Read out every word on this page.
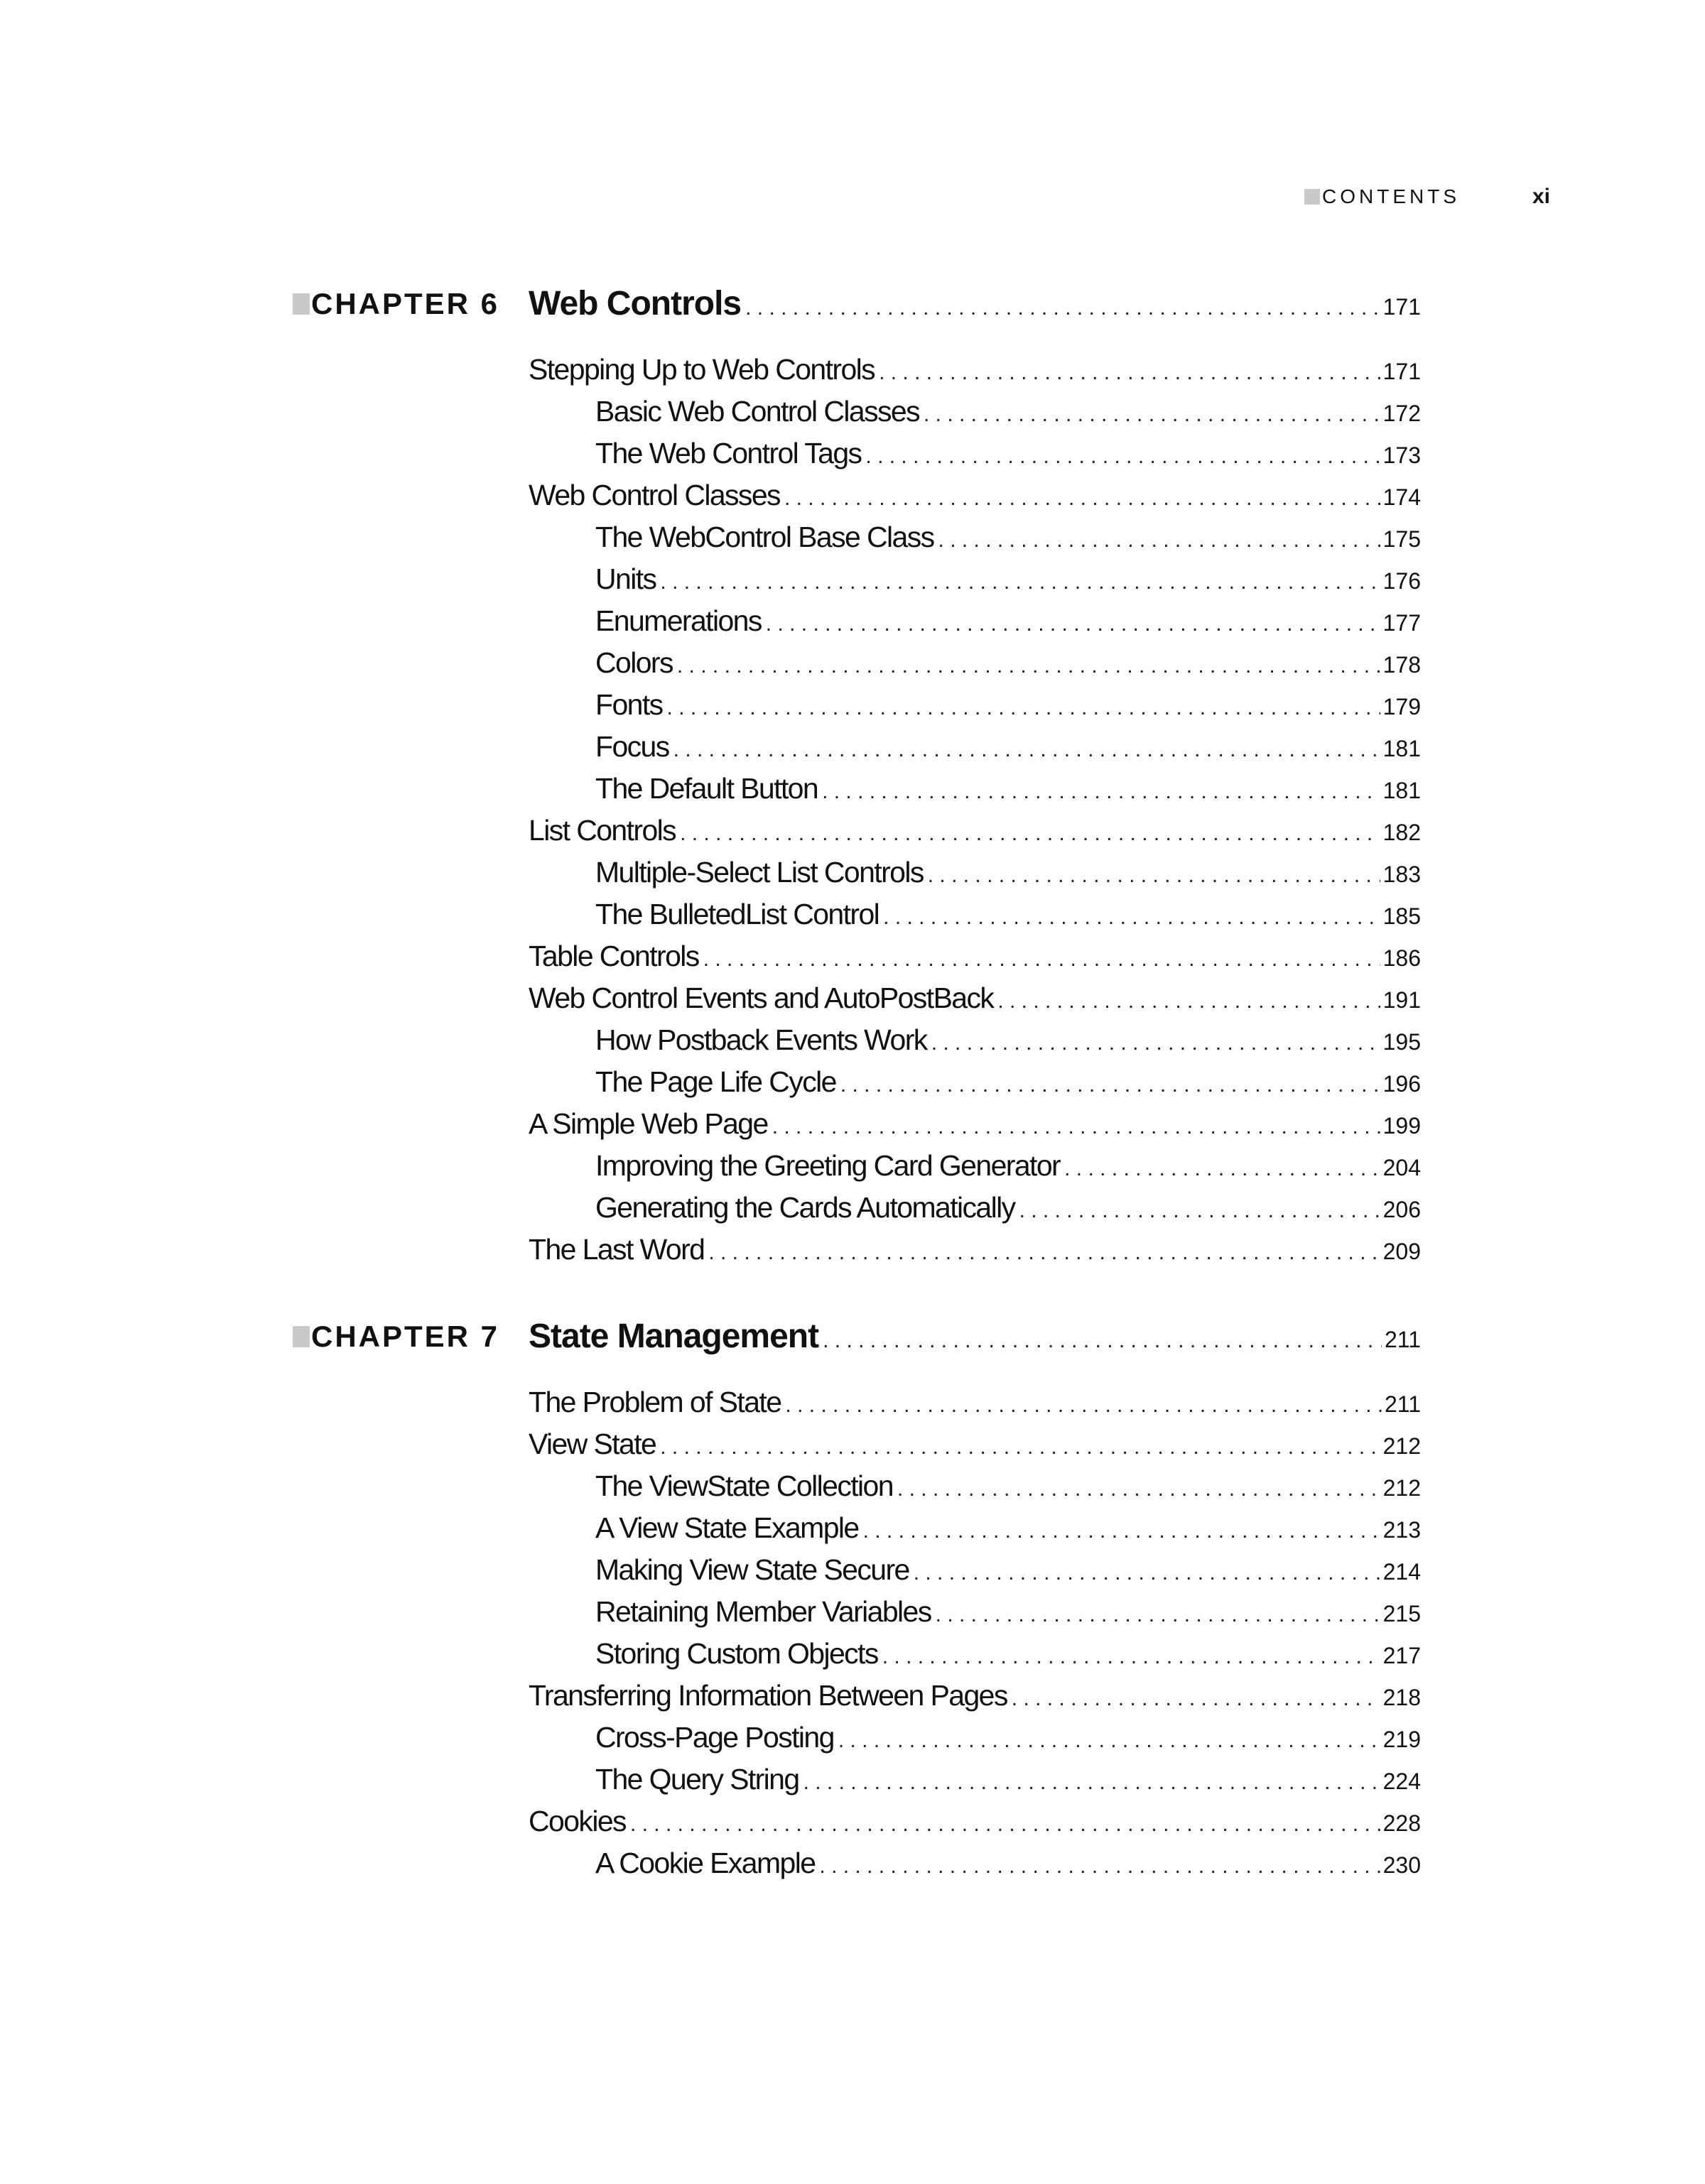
CONTENTS	xi
CHAPTER 6 Web Controls . . .	171
Stepping Up to Web Controls . . .	171
Basic Web Control Classes . . .	172
The Web Control Tags . . .	173
Web Control Classes . . .	174
The WebControl Base Class . . .	175
Units . . .	176
Enumerations . . .	177
Colors . . .	178
Fonts . . .	179
Focus . . .	181
The Default Button . . .	181
List Controls . . .	182
Multiple-Select List Controls . . .	183
The BulletedList Control . . .	185
Table Controls . . .	186
Web Control Events and AutoPostBack . . .	191
How Postback Events Work . . .	195
The Page Life Cycle . . .	196
A Simple Web Page . . .	199
Improving the Greeting Card Generator . . .	204
Generating the Cards Automatically . . .	206
The Last Word . . .	209
CHAPTER 7 State Management . . .	211
The Problem of State . . .	211
View State . . .	212
The ViewState Collection . . .	212
A View State Example . . .	213
Making View State Secure . . .	214
Retaining Member Variables . . .	215
Storing Custom Objects . . .	217
Transferring Information Between Pages . . .	218
Cross-Page Posting . . .	219
The Query String . . .	224
Cookies . . .	228
A Cookie Example . . .	230
